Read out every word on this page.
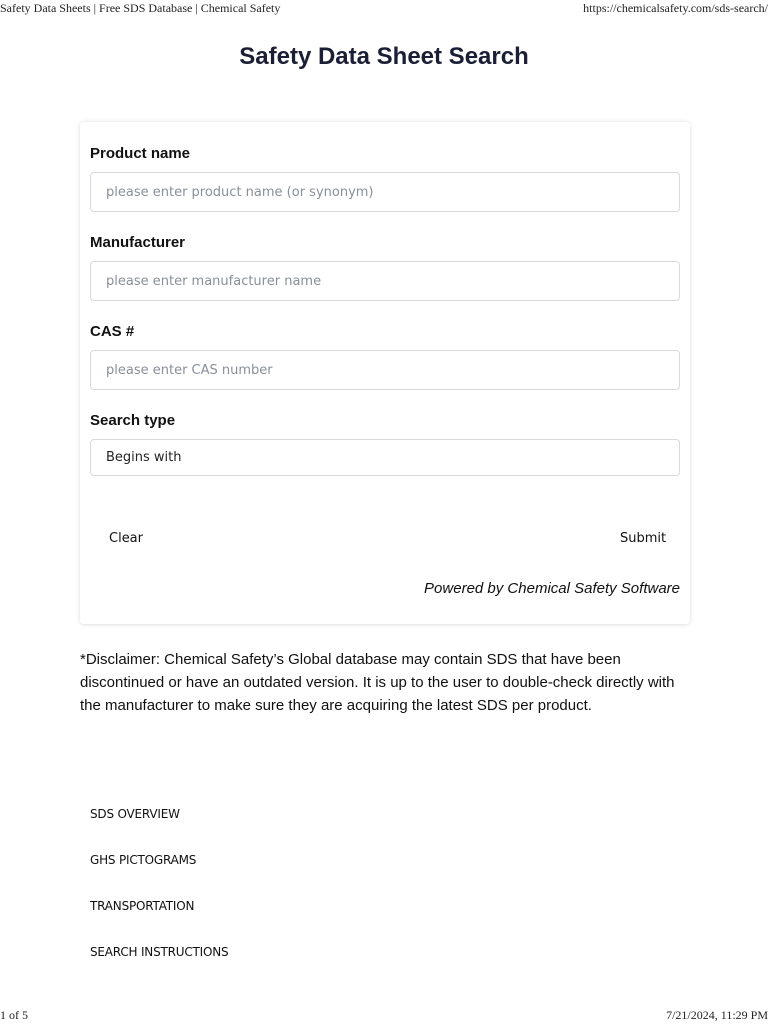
Safety Data Sheets | Free SDS Database | Chemical Safety	https://chemicalsafety.com/sds-search/
Safety Data Sheet Search
Product name
please enter product name (or synonym)
Manufacturer
please enter manufacturer name
CAS #
please enter CAS number
Search type
Begins with
Clear	Submit
Powered by Chemical Safety Software

*Disclaimer: Chemical Safety’s Global database may contain SDS that have been discontinued or have an outdated version. It is up to the user to double-check directly with the manufacturer to make sure they are acquiring the latest SDS per product.

SDS OVERVIEW
GHS PICTOGRAMS
TRANSPORTATION
SEARCH INSTRUCTIONS
1 of 5	7/21/2024, 11:29 PM
